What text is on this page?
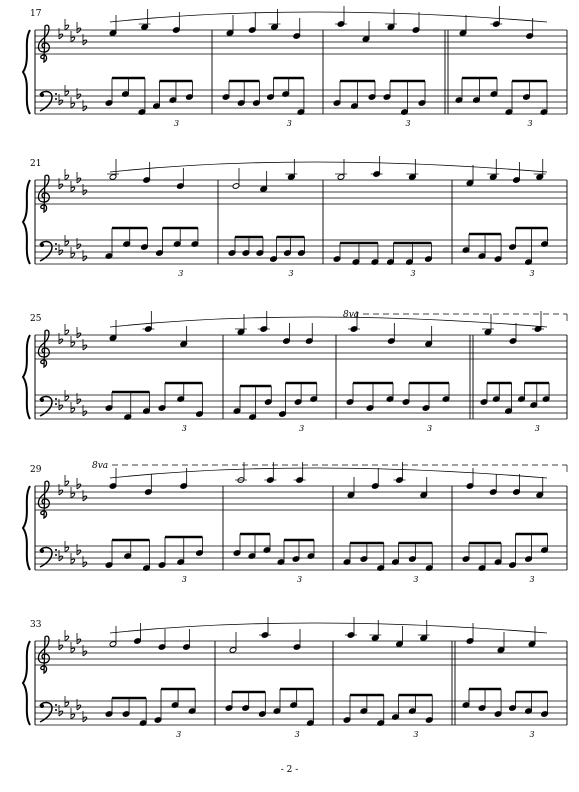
17
3	3	3	3
21
3	3	3	3
25	8va
3	3	3	3
29	8va
3	3	3	3
33
3	3	3	3
- 2 -
